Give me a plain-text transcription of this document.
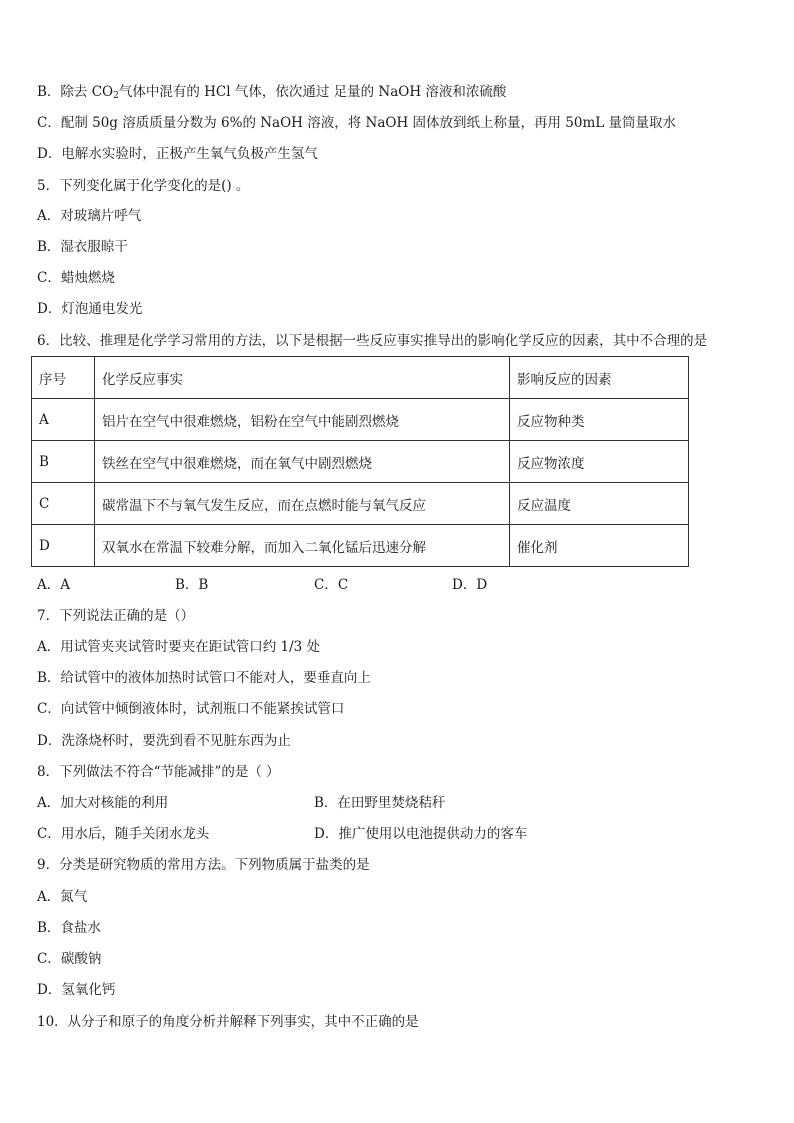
B．除去 $CO_2$气体中混有的 HCl 气体，依次通过 足量的 NaOH 溶液和浓硫酸
C．配制 50g 溶质质量分数为 6%的 NaOH 溶液，将 NaOH 固体放到纸上称量，再用 50mL 量筒量取水
D．电解水实验时，正极产生氧气负极产生氢气
5．下列变化属于化学变化的是() 。
A．对玻璃片呼气
B．湿衣服晾干
C．蜡烛燃烧
D．灯泡通电发光
6．比较、推理是化学学习常用的方法，以下是根据一些反应事实推导出的影响化学反应的因素，其中不合理的是
序号	化学反应事实	影响反应的因素
A	铝片在空气中很难燃烧，铝粉在空气中能剧烈燃烧	反应物种类
B	铁丝在空气中很难燃烧，而在氧气中剧烈燃烧	反应物浓度
C	碳常温下不与氧气发生反应，而在点燃时能与氧气反应	反应温度
D	双氧水在常温下较难分解，而加入二氧化锰后迅速分解	催化剂
A．A	B．B	C．C	D．D
7．下列说法正确的是（）
A．用试管夹夹试管时要夹在距试管口约 1/3 处
B．给试管中的液体加热时试管口不能对人，要垂直向上
C．向试管中倾倒液体时，试剂瓶口不能紧挨试管口
D．洗涤烧杯时，要洗到看不见脏东西为止
8．下列做法不符合“节能减排”的是（ ）
A．加大对核能的利用	B．在田野里焚烧秸秆
C．用水后，随手关闭水龙头	D．推广使用以电池提供动力的客车
9．分类是研究物质的常用方法。下列物质属于盐类的是
A．氮气
B．食盐水
C．碳酸钠
D．氢氧化钙
10．从分子和原子的角度分析并解释下列事实，其中不正确的是
